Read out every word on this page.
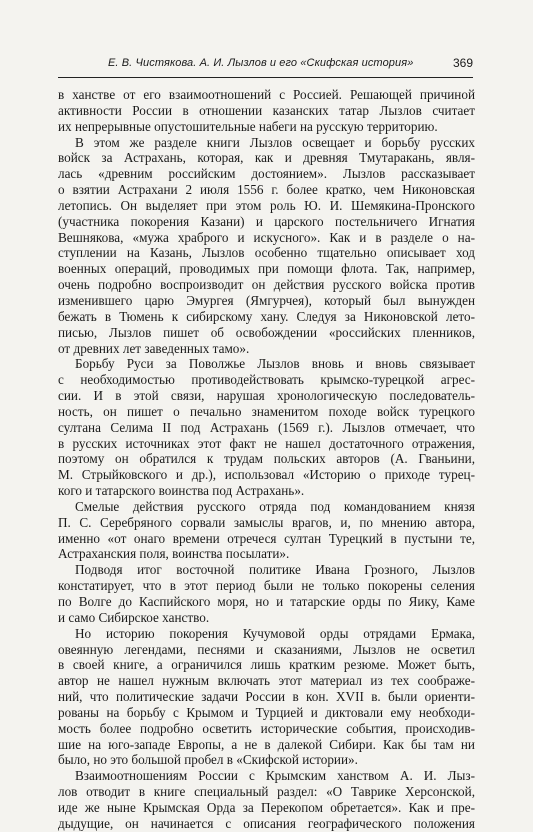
Е. В. Чистякова. А. И. Лызлов и его «Скифская история»	369
в ханстве от его взаимоотношений с Россией. Решающей причиной
активности России в отношении казанских татар Лызлов считает
их непрерывные опустошительные набеги на русскую территорию.
В этом же разделе книги Лызлов освещает и борьбу русских
войск за Астрахань, которая, как и древняя Тмутаракань, явля-
лась «древним российским достоянием». Лызлов рассказывает
о взятии Астрахани 2 июля 1556 г. более кратко, чем Никоновская
летопись. Он выделяет при этом роль Ю. И. Шемякина-Пронского
(участника покорения Казани) и царского постельничего Игнатия
Вешнякова, «мужа храброго и искусного». Как и в разделе о на-
ступлении на Казань, Лызлов особенно тщательно описывает ход
военных операций, проводимых при помощи флота. Так, например,
очень подробно воспроизводит он действия русского войска против
изменившего царю Эмургея (Ямгурчея), который был вынужден
бежать в Тюмень к сибирскому хану. Следуя за Никоновской лето-
писью, Лызлов пишет об освобождении «российских пленников,
от древних лет заведенных тамо».
Борьбу Руси за Поволжье Лызлов вновь и вновь связывает
с необходимостью противодействовать крымско-турецкой агрес-
сии. И в этой связи, нарушая хронологическую последователь-
ность, он пишет о печально знаменитом походе войск турецкого
султана Селима II под Астрахань (1569 г.). Лызлов отмечает, что
в русских источниках этот факт не нашел достаточного отражения,
поэтому он обратился к трудам польских авторов (А. Гваньини,
М. Стрыйковского и др.), использовал «Историю о приходе турец-
кого и татарского воинства под Астрахань».
Смелые действия русского отряда под командованием князя
П. С. Серебряного сорвали замыслы врагов, и, по мнению автора,
именно «от онаго времени отречеся султан Турецкий в пустыни те,
Астраханския поля, воинства посылати».
Подводя итог восточной политике Ивана Грозного, Лызлов
констатирует, что в этот период были не только покорены селения
по Волге до Каспийского моря, но и татарские орды по Яику, Каме
и само Сибирское ханство.
Но историю покорения Кучумовой орды отрядами Ермака,
овеянную легендами, песнями и сказаниями, Лызлов не осветил
в своей книге, а ограничился лишь кратким резюме. Может быть,
автор не нашел нужным включать этот материал из тех соображе-
ний, что политические задачи России в кон. XVII в. были ориенти-
рованы на борьбу с Крымом и Турцией и диктовали ему необходи-
мость более подробно осветить исторические события, происходив-
шие на юго-западе Европы, а не в далекой Сибири. Как бы там ни
было, но это большой пробел в «Скифской истории».
Взаимоотношениям России с Крымским ханством А. И. Лыз-
лов отводит в книге специальный раздел: «О Таврике Херсонской,
иде же ныне Крымская Орда за Перекопом обретается». Как и пре-
дыдущие, он начинается с описания географического положения
